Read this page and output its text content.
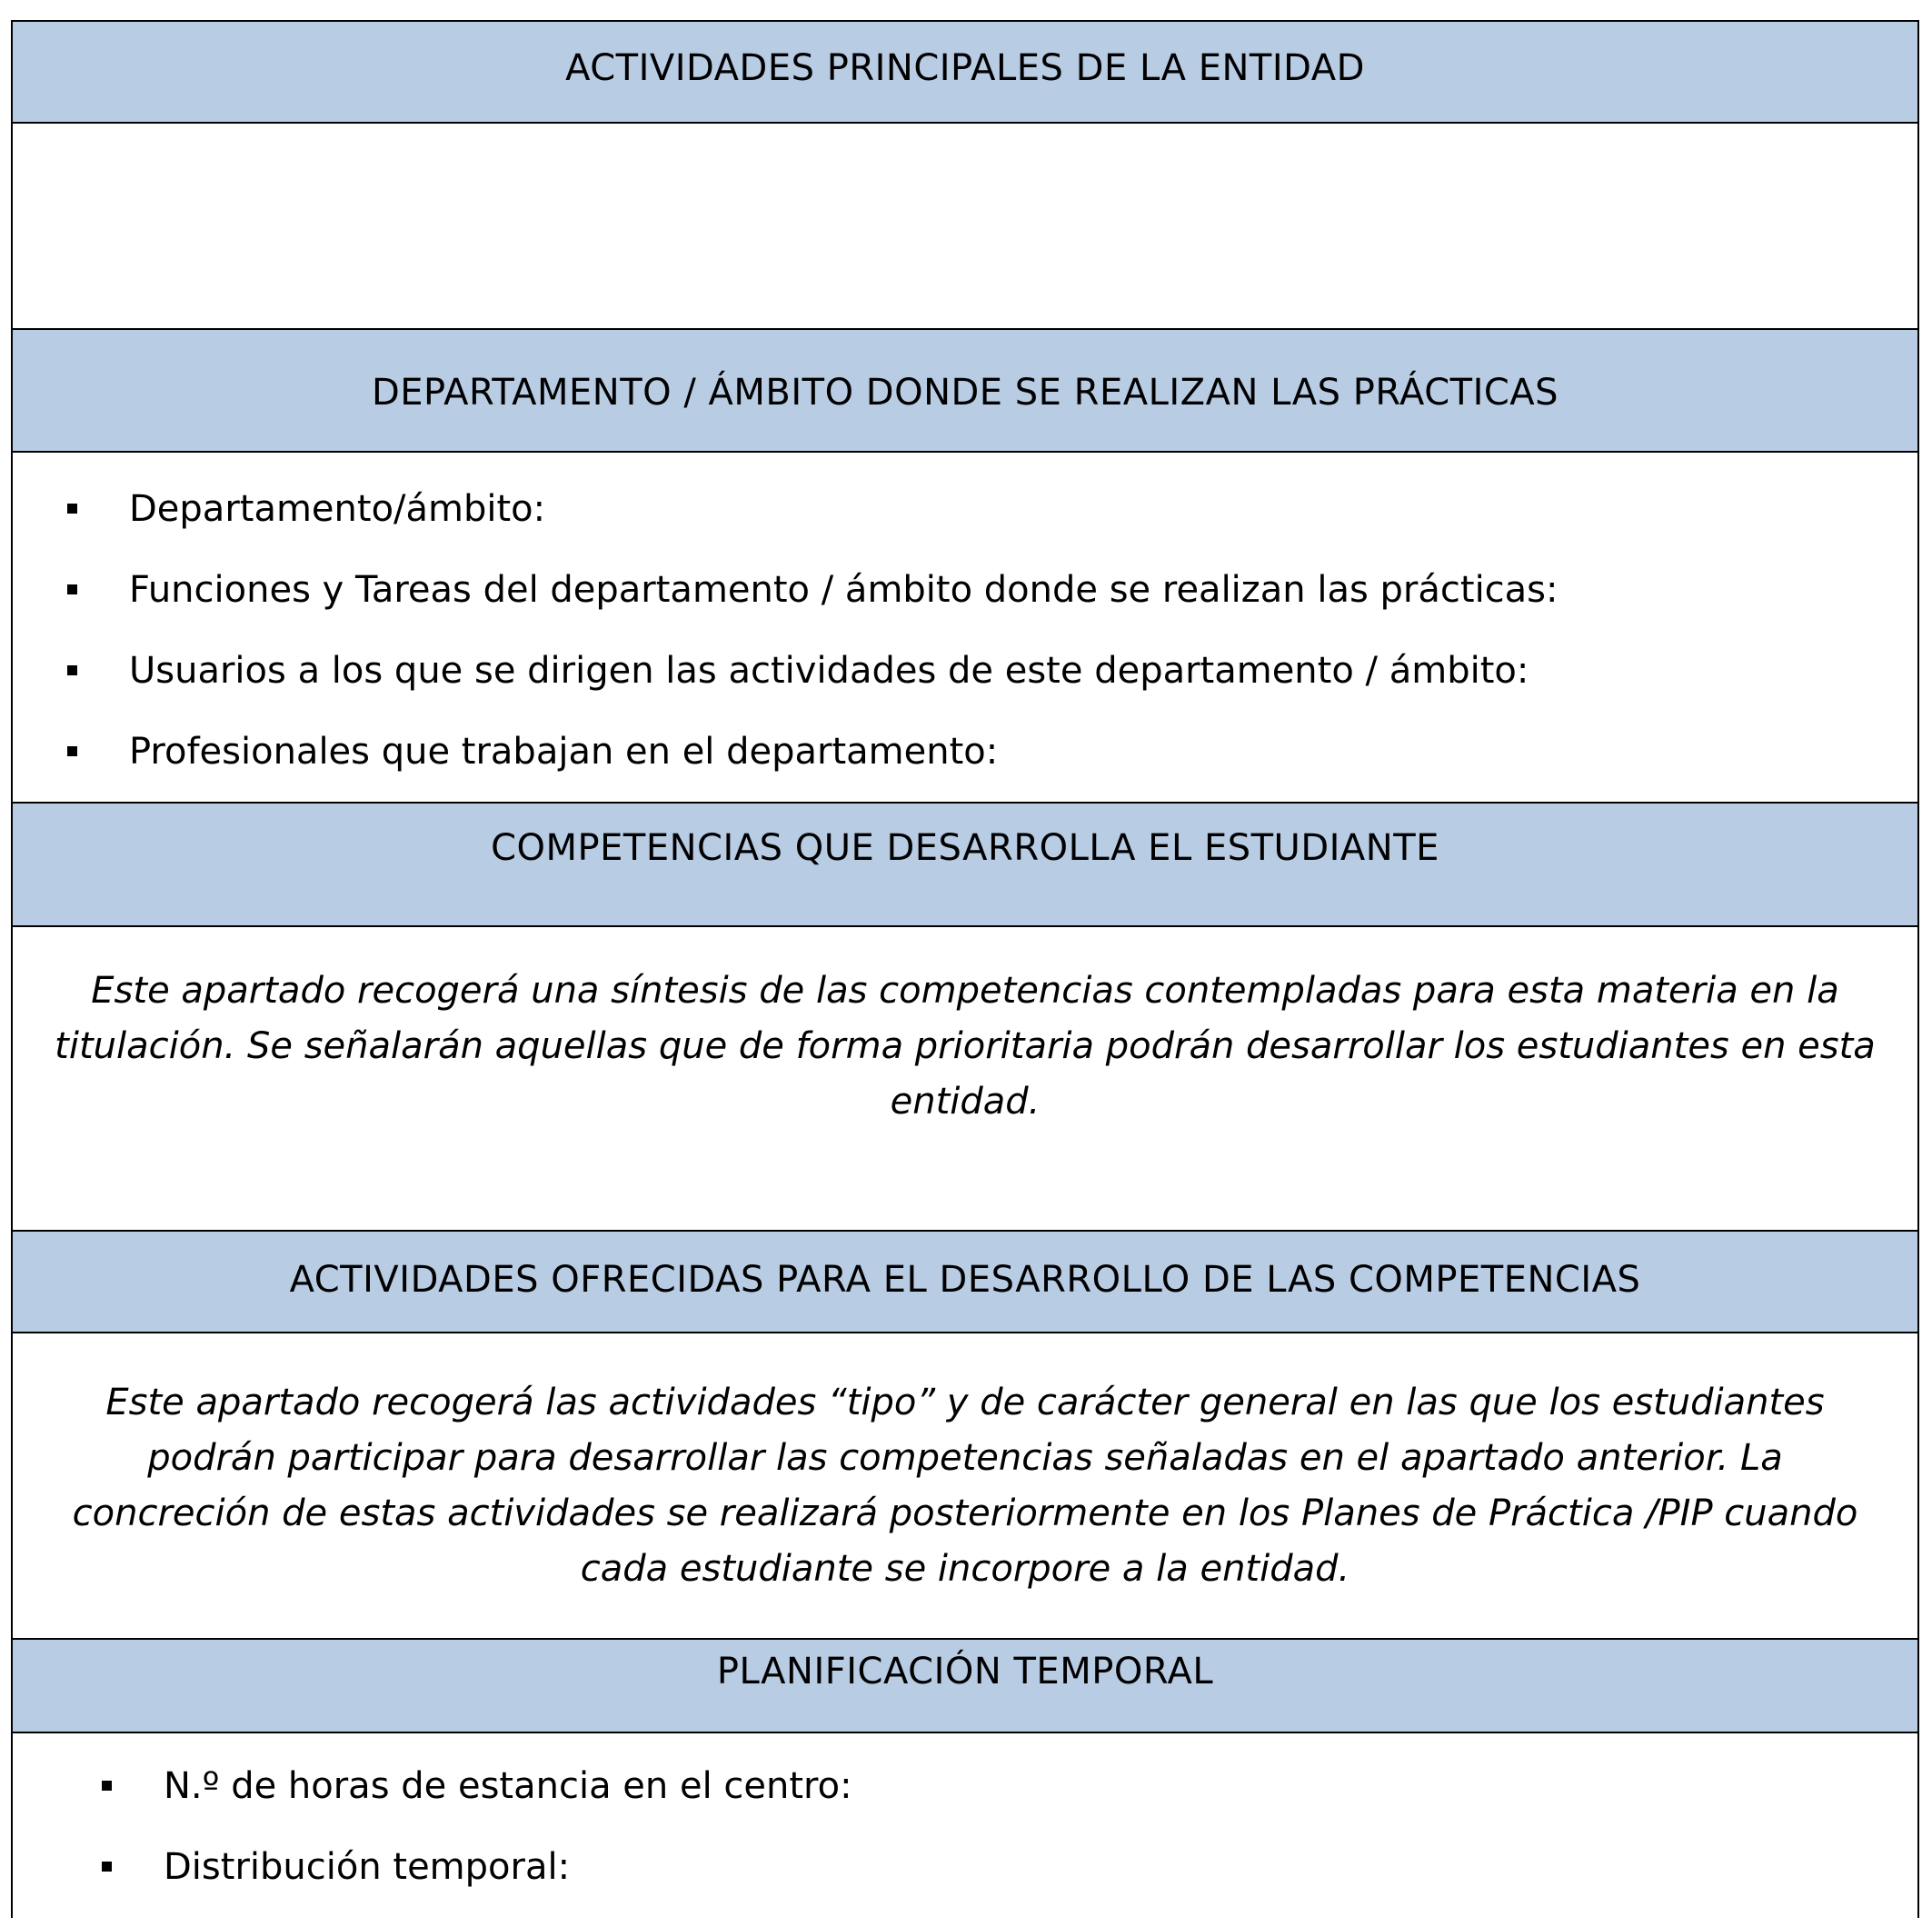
ACTIVIDADES PRINCIPALES DE LA ENTIDAD
DEPARTAMENTO / ÁMBITO DONDE SE REALIZAN LAS PRÁCTICAS
Departamento/ámbito:
Funciones y Tareas del departamento / ámbito donde se realizan las prácticas:
Usuarios a los que se dirigen las actividades de este departamento / ámbito:
Profesionales que trabajan en el departamento:
COMPETENCIAS QUE DESARROLLA EL ESTUDIANTE
Este apartado recogerá una síntesis de las competencias contempladas para esta materia en la titulación. Se señalarán aquellas que de forma prioritaria podrán desarrollar los estudiantes en esta entidad.
ACTIVIDADES OFRECIDAS PARA EL DESARROLLO DE LAS COMPETENCIAS
Este apartado recogerá las actividades “tipo” y de carácter general en las que los estudiantes podrán participar para desarrollar las competencias señaladas en el apartado anterior. La concreción de estas actividades se realizará posteriormente en los Planes de Práctica /PIP cuando cada estudiante se incorpore a la entidad.
PLANIFICACIÓN TEMPORAL
N.º de horas de estancia en el centro:
Distribución temporal:
